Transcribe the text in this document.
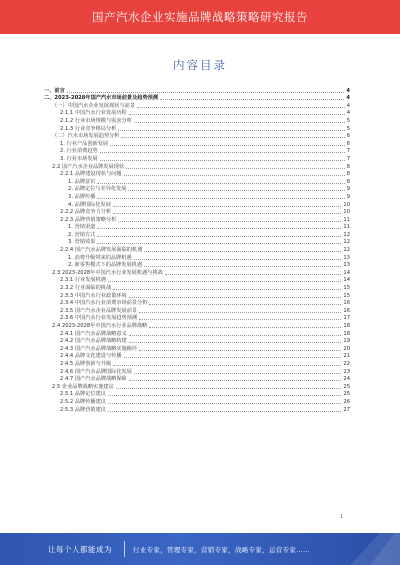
国产汽水企业实施品牌战略策略研究报告
内容目录
一、前言	4
二、2023-2028年国产汽水市场前景及趋势预测	4
（一）中国汽水企业发展现状与前景	4
2.1.1 中国汽水行业发展历程	4
2.1.2 行业市场规模与需求分析	5
2.1.3 行业竞争格局分析	5
（二）汽水市场发展趋势分析	6
1. 行业产品创新发展	6
2. 行业消费趋势	7
3. 行业市场发展	7
2.2 国产汽水企业品牌发展现状	8
2.2.1 品牌建设现状与问题	8
1. 品牌意识	8
2. 品牌定位与差异化发展	9
3. 品牌传播	9
4. 品牌国际化发展	10
2.2.2 品牌竞争力分析	10
2.2.3 品牌营销策略分析	11
1. 营销渠道	11
2. 营销方式	12
3. 营销效果	12
2.2.4 国产汽水品牌发展面临的机遇	12
1. 消费升级带来的品牌机遇	13
2. 新零售模式下的品牌发展机遇	13
2.3 2023-2028年中国汽水行业发展机遇与挑战	14
2.3.1 行业发展机遇	14
2.3.2 行业面临的挑战	15
2.3.3 中国汽水行业政策环境	15
2.3.4 中国汽水行业消费市场前景分析	16
2.3.5 国产汽水企业品牌发展前景	16
2.3.6 中国汽水行业发展趋势预测	17
2.4 2023-2028年中国汽水行业品牌战略	18
2.4.1 国产汽水品牌战略意义	18
2.4.2 国产汽水品牌战略构建	19
2.4.3 国产汽水品牌战略实施路径	20
2.4.4 品牌文化建设与传播	21
2.4.5 品牌创新与升级	22
2.4.6 国产汽水品牌国际化发展	23
2.4.7 国产汽水品牌战略保障	24
2.5 企业品牌战略实施建议	25
2.5.1 品牌定位建议	25
2.5.2 品牌传播建议	26
2.5.3 品牌营销建议	27
1
让每个人都能成为	行业专家，管理专家，营销专家，战略专家，运营专家……
